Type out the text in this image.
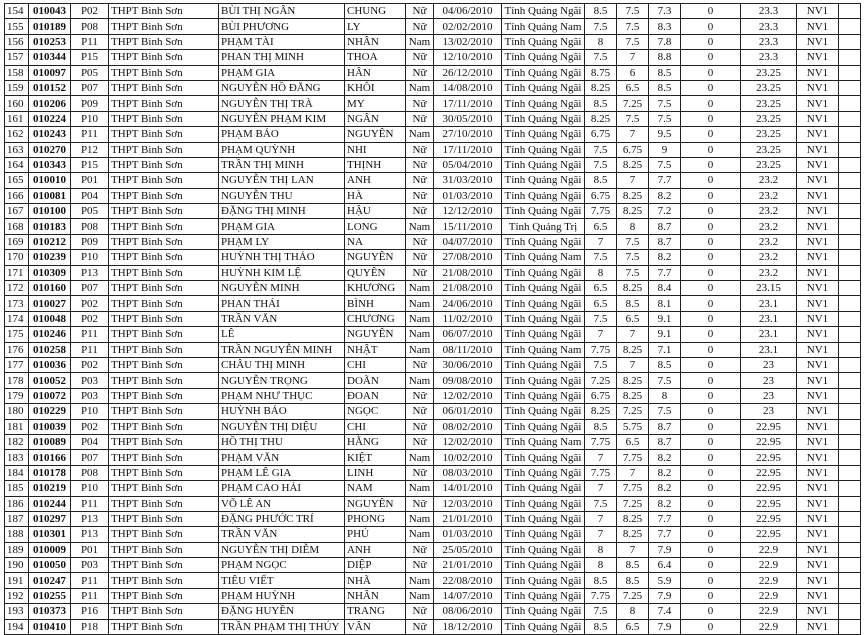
154	010043	P02	THPT Bình Sơn	BÙI THỊ NGÂN	CHUNG	Nữ	04/06/2010	Tỉnh Quảng Ngãi	8.5	7.5	7.3	0	23.3	NV1	
155	010189	P08	THPT Bình Sơn	BÙI PHƯƠNG	LY	Nữ	02/02/2010	Tỉnh Quảng Nam	7.5	7.5	8.3	0	23.3	NV1	
156	010253	P11	THPT Bình Sơn	PHẠM TÀI	NHÂN	Nam	13/02/2010	Tỉnh Quảng Ngãi	8	7.5	7.8	0	23.3	NV1	
157	010344	P15	THPT Bình Sơn	PHAN THỊ MINH	THOA	Nữ	12/10/2010	Tỉnh Quảng Ngãi	7.5	7	8.8	0	23.3	NV1	
158	010097	P05	THPT Bình Sơn	PHẠM GIA	HÂN	Nữ	26/12/2010	Tỉnh Quảng Ngãi	8.75	6	8.5	0	23.25	NV1	
159	010152	P07	THPT Bình Sơn	NGUYỄN HỒ ĐĂNG	KHÔI	Nam	14/08/2010	Tỉnh Quảng Ngãi	8.25	6.5	8.5	0	23.25	NV1	
160	010206	P09	THPT Bình Sơn	NGUYỄN THỊ TRÀ	MY	Nữ	17/11/2010	Tỉnh Quảng Ngãi	8.5	7.25	7.5	0	23.25	NV1	
161	010224	P10	THPT Bình Sơn	NGUYỄN PHẠM KIM	NGÂN	Nữ	30/05/2010	Tỉnh Quảng Ngãi	8.25	7.5	7.5	0	23.25	NV1	
162	010243	P11	THPT Bình Sơn	PHẠM BẢO	NGUYÊN	Nam	27/10/2010	Tỉnh Quảng Ngãi	6.75	7	9.5	0	23.25	NV1	
163	010270	P12	THPT Bình Sơn	PHẠM QUỲNH	NHI	Nữ	17/11/2010	Tỉnh Quảng Ngãi	7.5	6.75	9	0	23.25	NV1	
164	010343	P15	THPT Bình Sơn	TRẦN THỊ MINH	THỊNH	Nữ	05/04/2010	Tỉnh Quảng Ngãi	7.5	8.25	7.5	0	23.25	NV1	
165	010010	P01	THPT Bình Sơn	NGUYỄN THỊ LAN	ANH	Nữ	31/03/2010	Tỉnh Quảng Ngãi	8.5	7	7.7	0	23.2	NV1	
166	010081	P04	THPT Bình Sơn	NGUYỄN THU	HÀ	Nữ	01/03/2010	Tỉnh Quảng Ngãi	6.75	8.25	8.2	0	23.2	NV1	
167	010100	P05	THPT Bình Sơn	ĐẶNG THỊ MINH	HẬU	Nữ	12/12/2010	Tỉnh Quảng Ngãi	7.75	8.25	7.2	0	23.2	NV1	
168	010183	P08	THPT Bình Sơn	PHẠM GIA	LONG	Nam	15/11/2010	Tỉnh Quảng Trị	6.5	8	8.7	0	23.2	NV1	
169	010212	P09	THPT Bình Sơn	PHẠM LY	NA	Nữ	04/07/2010	Tỉnh Quảng Ngãi	7	7.5	8.7	0	23.2	NV1	
170	010239	P10	THPT Bình Sơn	HUỲNH THỊ THẢO	NGUYÊN	Nữ	27/08/2010	Tỉnh Quảng Nam	7.5	7.5	8.2	0	23.2	NV1	
171	010309	P13	THPT Bình Sơn	HUỲNH KIM LỆ	QUYÊN	Nữ	21/08/2010	Tỉnh Quảng Ngãi	8	7.5	7.7	0	23.2	NV1	
172	010160	P07	THPT Bình Sơn	NGUYỄN MINH	KHƯƠNG	Nam	21/08/2010	Tỉnh Quảng Ngãi	6.5	8.25	8.4	0	23.15	NV1	
173	010027	P02	THPT Bình Sơn	PHAN THÁI	BÌNH	Nam	24/06/2010	Tỉnh Quảng Ngãi	6.5	8.5	8.1	0	23.1	NV1	
174	010048	P02	THPT Bình Sơn	TRẦN VĂN	CHƯƠNG	Nam	11/02/2010	Tỉnh Quảng Ngãi	7.5	6.5	9.1	0	23.1	NV1	
175	010246	P11	THPT Bình Sơn	LÊ	NGUYÊN	Nam	06/07/2010	Tỉnh Quảng Ngãi	7	7	9.1	0	23.1	NV1	
176	010258	P11	THPT Bình Sơn	TRẦN NGUYỄN MINH	NHẬT	Nam	08/11/2010	Tỉnh Quảng Nam	7.75	8.25	7.1	0	23.1	NV1	
177	010036	P02	THPT Bình Sơn	CHÂU THỊ MINH	CHI	Nữ	30/06/2010	Tỉnh Quảng Ngãi	7.5	7	8.5	0	23	NV1	
178	010052	P03	THPT Bình Sơn	NGUYỄN TRỌNG	DOÃN	Nam	09/08/2010	Tỉnh Quảng Ngãi	7.25	8.25	7.5	0	23	NV1	
179	010072	P03	THPT Bình Sơn	PHẠM NHƯ THỤC	ĐOAN	Nữ	12/02/2010	Tỉnh Quảng Ngãi	6.75	8.25	8	0	23	NV1	
180	010229	P10	THPT Bình Sơn	HUỲNH BẢO	NGỌC	Nữ	06/01/2010	Tỉnh Quảng Ngãi	8.25	7.25	7.5	0	23	NV1	
181	010039	P02	THPT Bình Sơn	NGUYỄN THỊ DIỆU	CHI	Nữ	08/02/2010	Tỉnh Quảng Ngãi	8.5	5.75	8.7	0	22.95	NV1	
182	010089	P04	THPT Bình Sơn	HỒ THỊ THU	HẰNG	Nữ	12/02/2010	Tỉnh Quảng Nam	7.75	6.5	8.7	0	22.95	NV1	
183	010166	P07	THPT Bình Sơn	PHẠM VĂN	KIỆT	Nam	10/02/2010	Tỉnh Quảng Ngãi	7	7.75	8.2	0	22.95	NV1	
184	010178	P08	THPT Bình Sơn	PHẠM LÊ GIA	LINH	Nữ	08/03/2010	Tỉnh Quảng Ngãi	7.75	7	8.2	0	22.95	NV1	
185	010219	P10	THPT Bình Sơn	PHẠM CAO HẢI	NAM	Nam	14/01/2010	Tỉnh Quảng Ngãi	7	7.75	8.2	0	22.95	NV1	
186	010244	P11	THPT Bình Sơn	VÕ LÊ AN	NGUYÊN	Nữ	12/03/2010	Tỉnh Quảng Ngãi	7.5	7.25	8.2	0	22.95	NV1	
187	010297	P13	THPT Bình Sơn	ĐẶNG PHƯỚC TRÍ	PHONG	Nam	21/01/2010	Tỉnh Quảng Ngãi	7	8.25	7.7	0	22.95	NV1	
188	010301	P13	THPT Bình Sơn	TRẦN VĂN	PHÚ	Nam	01/03/2010	Tỉnh Quảng Ngãi	7	8.25	7.7	0	22.95	NV1	
189	010009	P01	THPT Bình Sơn	NGUYỄN THỊ DIỄM	ANH	Nữ	25/05/2010	Tỉnh Quảng Ngãi	8	7	7.9	0	22.9	NV1	
190	010050	P03	THPT Bình Sơn	PHẠM NGỌC	DIỆP	Nữ	21/01/2010	Tỉnh Quảng Ngãi	8	8.5	6.4	0	22.9	NV1	
191	010247	P11	THPT Bình Sơn	TIÊU VIẾT	NHÃ	Nam	22/08/2010	Tỉnh Quảng Ngãi	8.5	8.5	5.9	0	22.9	NV1	
192	010255	P11	THPT Bình Sơn	PHẠM HUỲNH	NHÂN	Nam	14/07/2010	Tỉnh Quảng Ngãi	7.75	7.25	7.9	0	22.9	NV1	
193	010373	P16	THPT Bình Sơn	ĐẶNG HUYỀN	TRANG	Nữ	08/06/2010	Tỉnh Quảng Ngãi	7.5	8	7.4	0	22.9	NV1	
194	010410	P18	THPT Bình Sơn	TRẦN PHẠM THỊ THÚY	VÂN	Nữ	18/12/2010	Tỉnh Quảng Ngãi	8.5	6.5	7.9	0	22.9	NV1	
